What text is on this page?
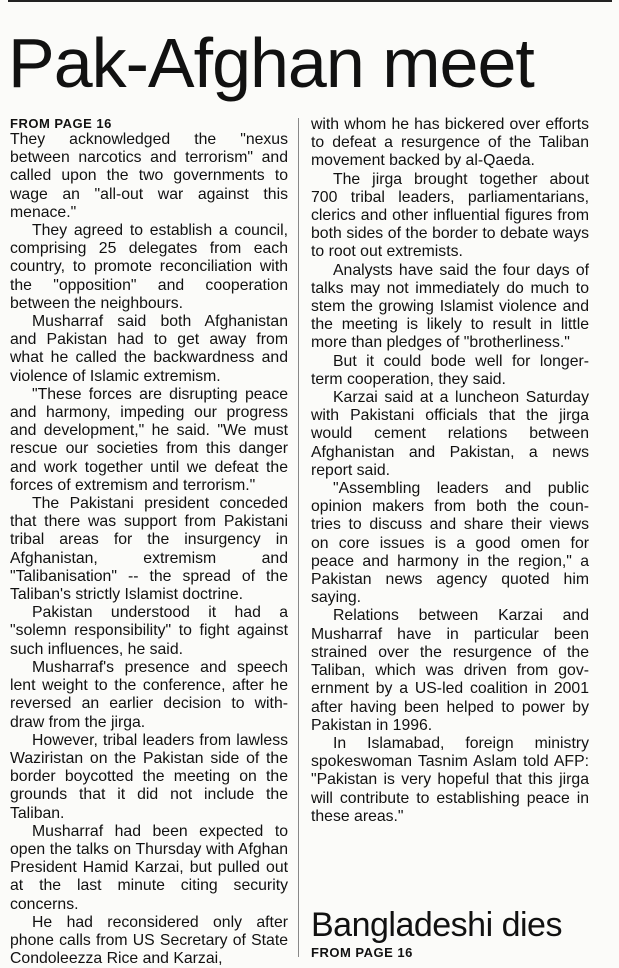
Pak-Afghan meet
FROM PAGE 16

They acknowledged the "nexus between narcotics and terrorism" and called upon the two governments to wage an "all-out war against this menace."

They agreed to establish a council, comprising 25 delegates from each country, to promote reconciliation with the "opposition" and cooperation between the neighbours.

Musharraf said both Afghanistan and Pakistan had to get away from what he called the backwardness and violence of Islamic extremism.

"These forces are disrupting peace and harmony, impeding our progress and development," he said. "We must rescue our societies from this danger and work together until we defeat the forces of extremism and terrorism."

The Pakistani president conceded that there was support from Pakistani tribal areas for the insurgency in Afghanistan, extremism and "Talibanisation" -- the spread of the Taliban's strictly Islamist doctrine.

Pakistan understood it had a "solemn responsibility" to fight against such influences, he said.

Musharraf's presence and speech lent weight to the conference, after he reversed an earlier decision to with-draw from the jirga.

However, tribal leaders from lawless Waziristan on the Pakistan side of the border boycotted the meeting on the grounds that it did not include the Taliban.

Musharraf had been expected to open the talks on Thursday with Afghan President Hamid Karzai, but pulled out at the last minute citing security concerns.

He had reconsidered only after phone calls from US Secretary of State Condoleezza Rice and Karzai,

with whom he has bickered over efforts to defeat a resurgence of the Taliban movement backed by al-Qaeda.

The jirga brought together about 700 tribal leaders, parliamentarians, clerics and other influential figures from both sides of the border to debate ways to root out extremists.

Analysts have said the four days of talks may not immediately do much to stem the growing Islamist violence and the meeting is likely to result in little more than pledges of "brotherliness."

But it could bode well for longer-term cooperation, they said.

Karzai said at a luncheon Saturday with Pakistani officials that the jirga would cement relations between Afghanistan and Pakistan, a news report said.

"Assembling leaders and public opinion makers from both the coun-tries to discuss and share their views on core issues is a good omen for peace and harmony in the region," a Pakistan news agency quoted him saying.

Relations between Karzai and Musharraf have in particular been strained over the resurgence of the Taliban, which was driven from gov-ernment by a US-led coalition in 2001 after having been helped to power by Pakistan in 1996.

In Islamabad, foreign ministry spokeswoman Tasnim Aslam told AFP: "Pakistan is very hopeful that this jirga will contribute to establishing peace in these areas."

Bangladeshi dies
FROM PAGE 16
